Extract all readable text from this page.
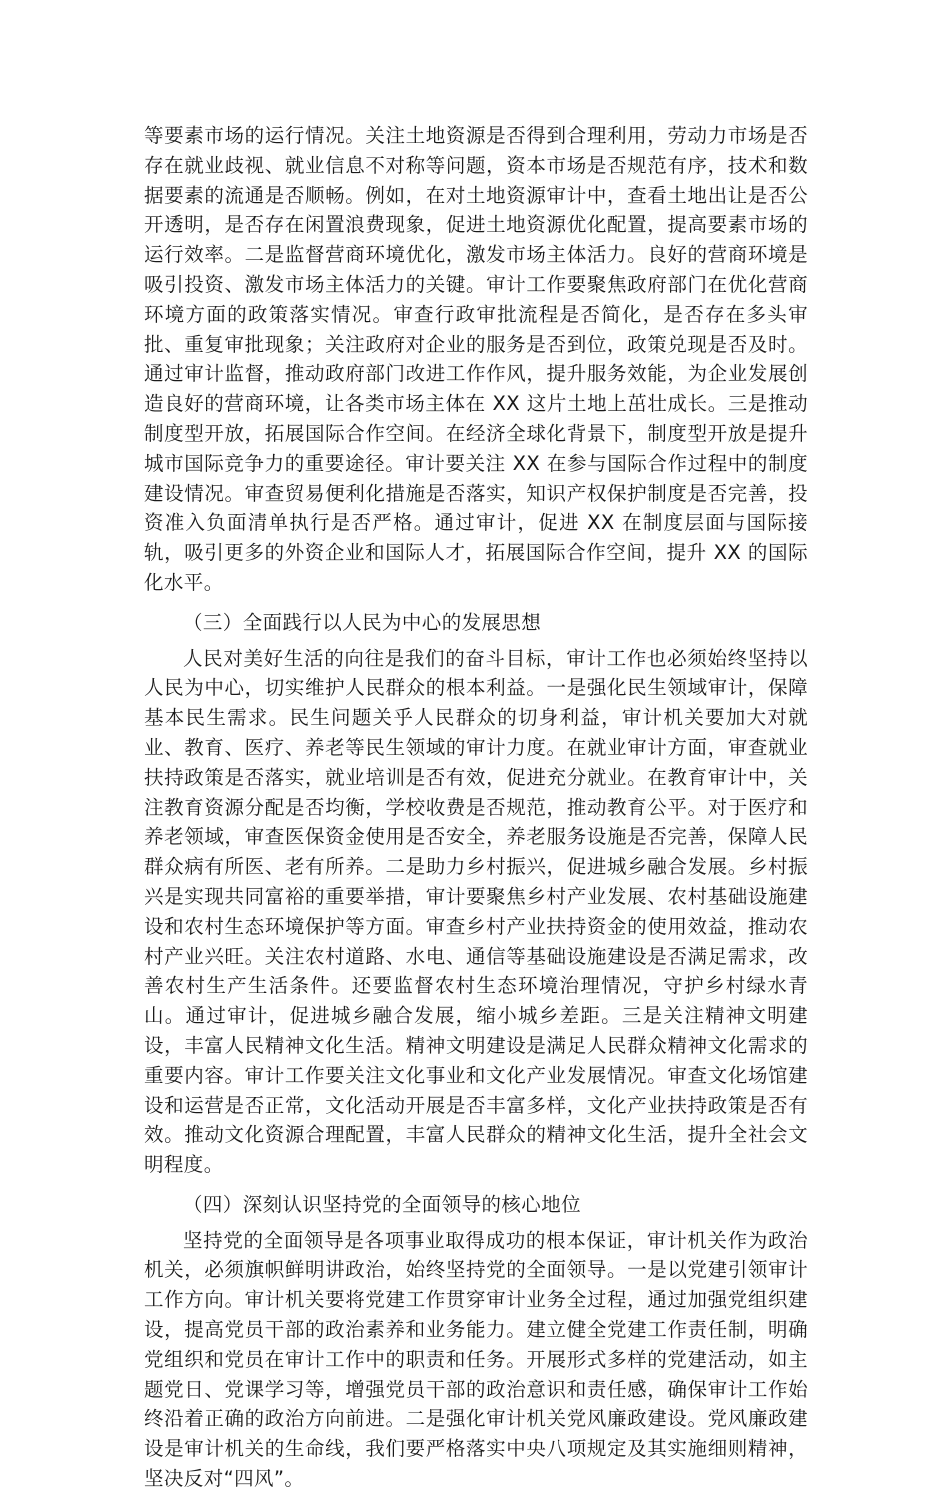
等要素市场的运行情况。关注土地资源是否得到合理利用，劳动力市场是否存在就业歧视、就业信息不对称等问题，资本市场是否规范有序，技术和数据要素的流通是否顺畅。例如，在对土地资源审计中，查看土地出让是否公开透明，是否存在闲置浪费现象，促进土地资源优化配置，提高要素市场的运行效率。二是监督营商环境优化，激发市场主体活力。良好的营商环境是吸引投资、激发市场主体活力的关键。审计工作要聚焦政府部门在优化营商环境方面的政策落实情况。审查行政审批流程是否简化，是否存在多头审批、重复审批现象；关注政府对企业的服务是否到位，政策兑现是否及时。通过审计监督，推动政府部门改进工作作风，提升服务效能，为企业发展创造良好的营商环境，让各类市场主体在 XX 这片土地上茁壮成长。三是推动制度型开放，拓展国际合作空间。在经济全球化背景下，制度型开放是提升城市国际竞争力的重要途径。审计要关注 XX 在参与国际合作过程中的制度建设情况。审查贸易便利化措施是否落实，知识产权保护制度是否完善，投资准入负面清单执行是否严格。通过审计，促进 XX 在制度层面与国际接轨，吸引更多的外资企业和国际人才，拓展国际合作空间，提升 XX 的国际化水平。

（三）全面践行以人民为中心的发展思想

人民对美好生活的向往是我们的奋斗目标，审计工作也必须始终坚持以人民为中心，切实维护人民群众的根本利益。一是强化民生领域审计，保障基本民生需求。民生问题关乎人民群众的切身利益，审计机关要加大对就业、教育、医疗、养老等民生领域的审计力度。在就业审计方面，审查就业扶持政策是否落实，就业培训是否有效，促进充分就业。在教育审计中，关注教育资源分配是否均衡，学校收费是否规范，推动教育公平。对于医疗和养老领域，审查医保资金使用是否安全，养老服务设施是否完善，保障人民群众病有所医、老有所养。二是助力乡村振兴，促进城乡融合发展。乡村振兴是实现共同富裕的重要举措，审计要聚焦乡村产业发展、农村基础设施建设和农村生态环境保护等方面。审查乡村产业扶持资金的使用效益，推动农村产业兴旺。关注农村道路、水电、通信等基础设施建设是否满足需求，改善农村生产生活条件。还要监督农村生态环境治理情况，守护乡村绿水青山。通过审计，促进城乡融合发展，缩小城乡差距。三是关注精神文明建设，丰富人民精神文化生活。精神文明建设是满足人民群众精神文化需求的重要内容。审计工作要关注文化事业和文化产业发展情况。审查文化场馆建设和运营是否正常，文化活动开展是否丰富多样，文化产业扶持政策是否有效。推动文化资源合理配置，丰富人民群众的精神文化生活，提升全社会文明程度。

（四）深刻认识坚持党的全面领导的核心地位

坚持党的全面领导是各项事业取得成功的根本保证，审计机关作为政治机关，必须旗帜鲜明讲政治，始终坚持党的全面领导。一是以党建引领审计工作方向。审计机关要将党建工作贯穿审计业务全过程，通过加强党组织建设，提高党员干部的政治素养和业务能力。建立健全党建工作责任制，明确党组织和党员在审计工作中的职责和任务。开展形式多样的党建活动，如主题党日、党课学习等，增强党员干部的政治意识和责任感，确保审计工作始终沿着正确的政治方向前进。二是强化审计机关党风廉政建设。党风廉政建设是审计机关的生命线，我们要严格落实中央八项规定及其实施细则精神，坚决反对“四风”。
